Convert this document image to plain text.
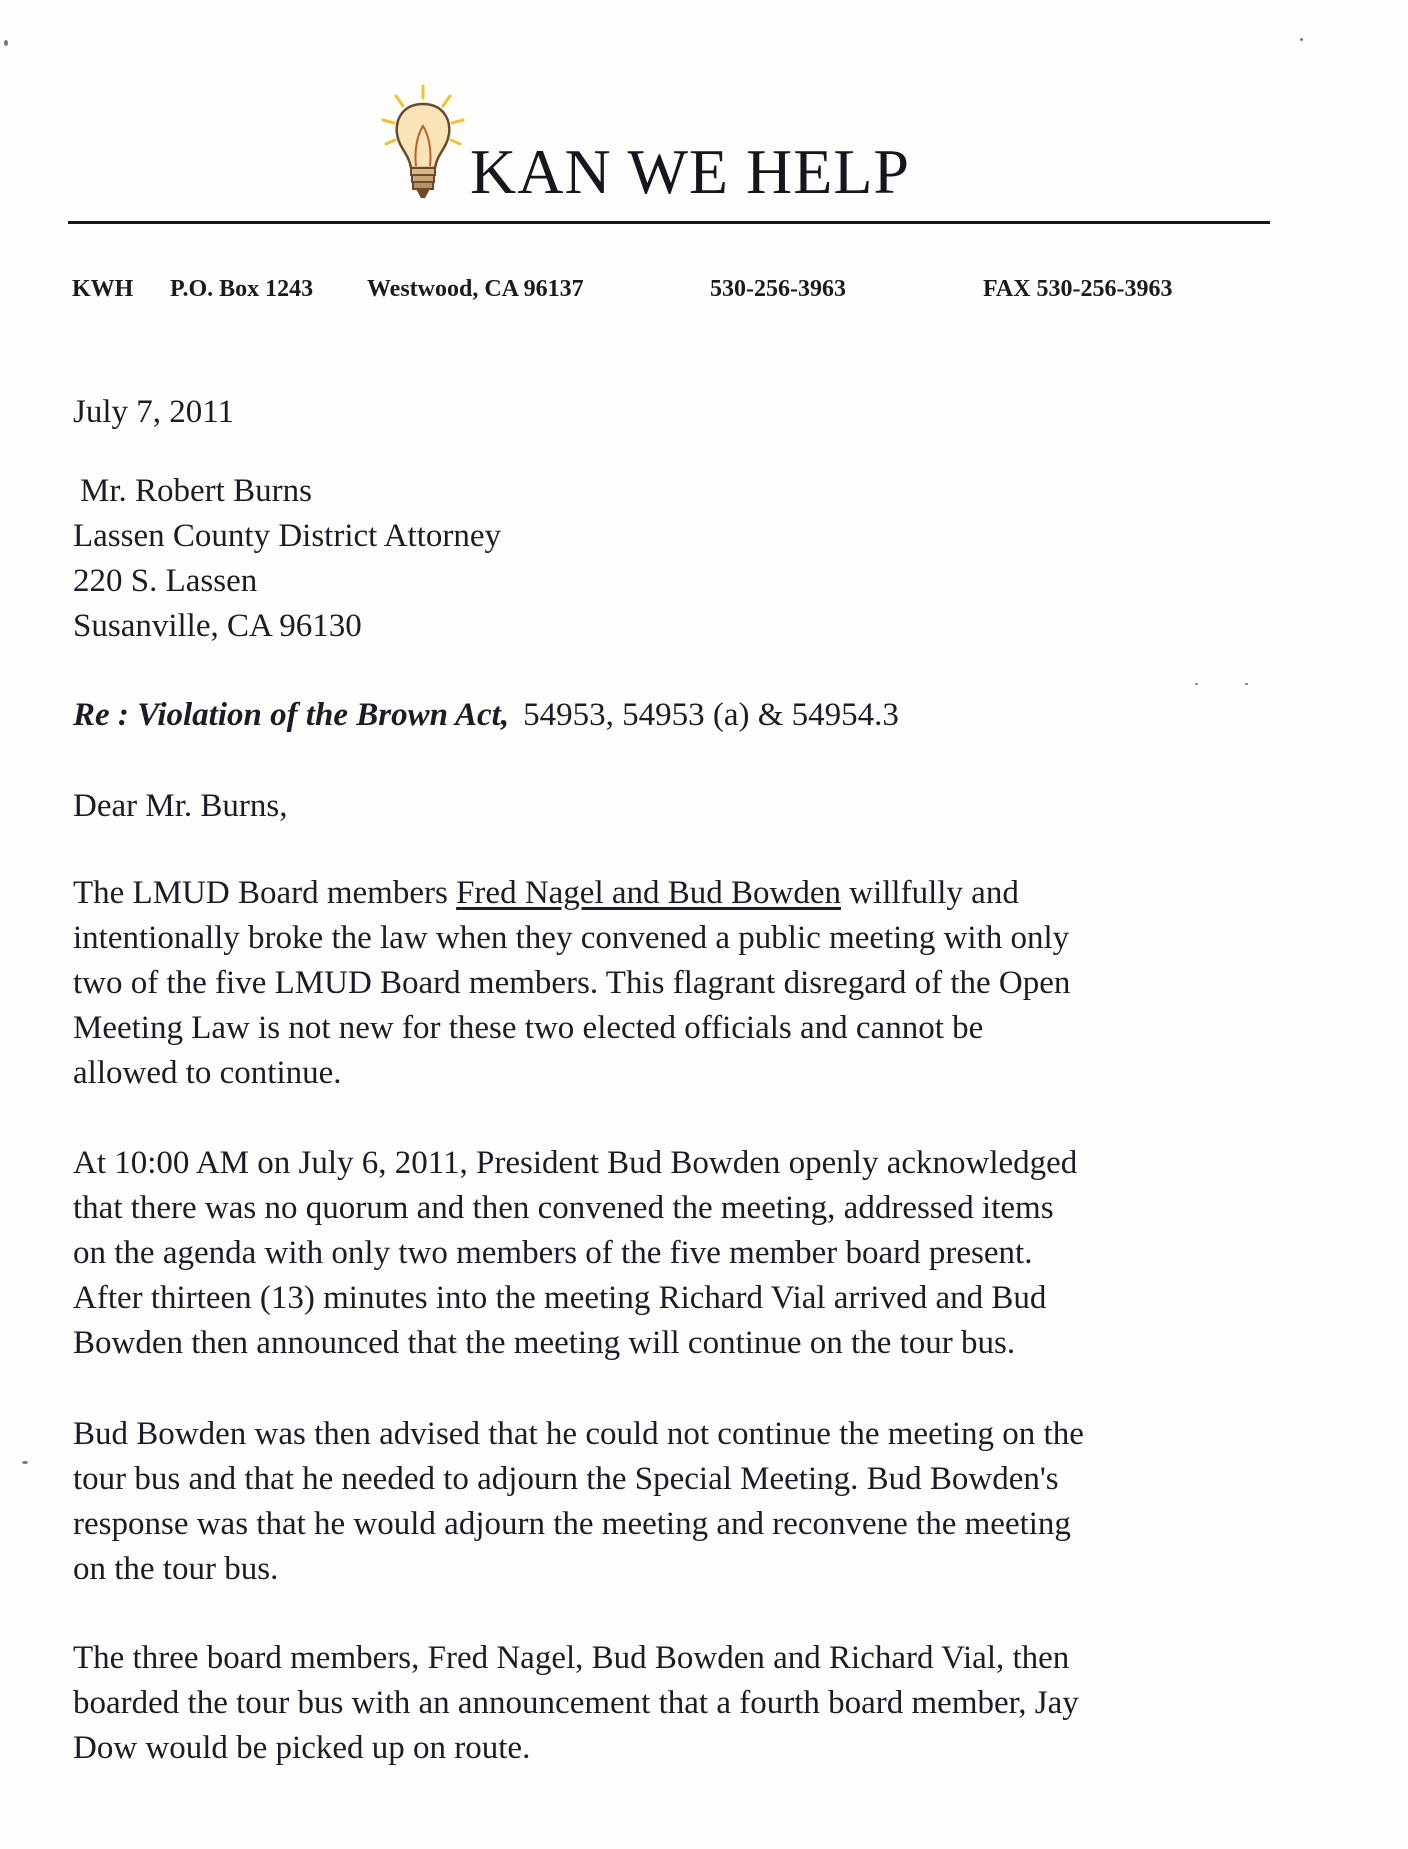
KAN WE HELP
KWH P.O. Box 1243 Westwood, CA 96137	530-256-3963	FAX 530-256-3963
July 7, 2011
Mr. Robert Burns
Lassen County District Attorney
220 S. Lassen
Susanville, CA 96130
Re : Violation of the Brown Act, 54953, 54953 (a) & 54954.3
Dear Mr. Burns,
The LMUD Board members Fred Nagel and Bud Bowden willfully and
intentionally broke the law when they convened a public meeting with only
two of the five LMUD Board members. This flagrant disregard of the Open
Meeting Law is not new for these two elected officials and cannot be
allowed to continue.
At 10:00 AM on July 6, 2011, President Bud Bowden openly acknowledged
that there was no quorum and then convened the meeting, addressed items
on the agenda with only two members of the five member board present.
After thirteen (13) minutes into the meeting Richard Vial arrived and Bud
Bowden then announced that the meeting will continue on the tour bus.
Bud Bowden was then advised that he could not continue the meeting on the
tour bus and that he needed to adjourn the Special Meeting. Bud Bowden's
response was that he would adjourn the meeting and reconvene the meeting
on the tour bus.
The three board members, Fred Nagel, Bud Bowden and Richard Vial, then
boarded the tour bus with an announcement that a fourth board member, Jay
Dow would be picked up on route.
